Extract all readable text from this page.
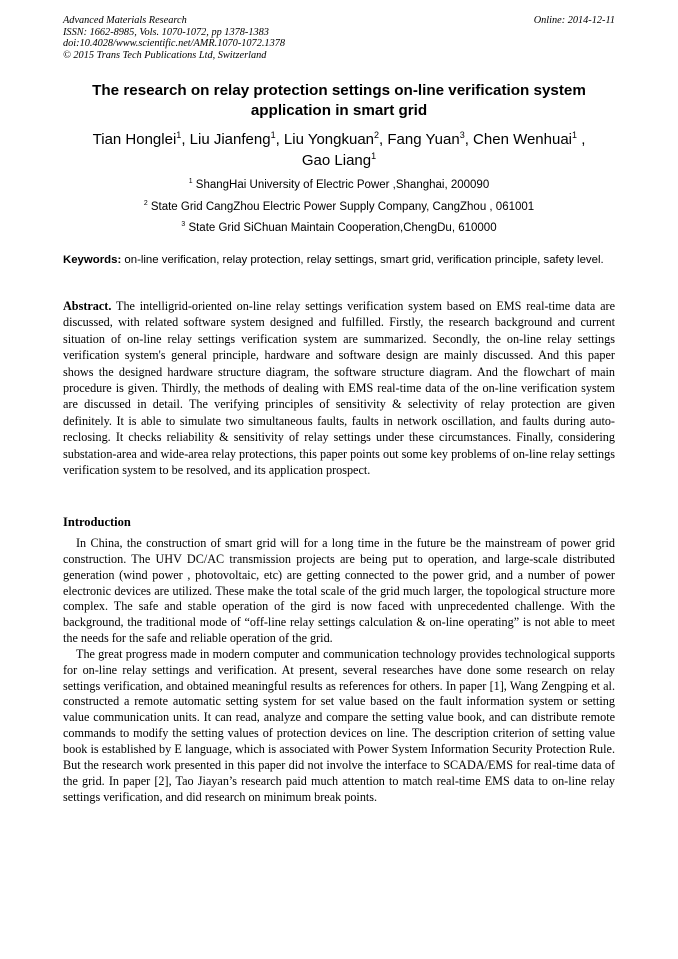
Advanced Materials Research
ISSN: 1662-8985, Vols. 1070-1072, pp 1378-1383
doi:10.4028/www.scientific.net/AMR.1070-1072.1378
© 2015 Trans Tech Publications Ltd, Switzerland
Online: 2014-12-11
The research on relay protection settings on-line verification system application in smart grid
Tian Honglei$^1$, Liu Jianfeng$^1$, Liu Yongkuan$^2$, Fang Yuan$^3$, Chen Wenhuai$^1$ ,
Gao Liang$^1$
$^1$ ShangHai University of Electric Power ,Shanghai, 200090
$^2$ State Grid CangZhou Electric Power Supply Company, CangZhou , 061001
$^3$ State Grid SiChuan Maintain Cooperation,ChengDu, 610000
Keywords: on-line verification, relay protection, relay settings, smart grid, verification principle, safety level.
Abstract. The intelligrid-oriented on-line relay settings verification system based on EMS real-time data are discussed, with related software system designed and fulfilled. Firstly, the research background and current situation of on-line relay settings verification system are summarized. Secondly, the on-line relay settings verification system's general principle, hardware and software design are mainly discussed. And this paper shows the designed hardware structure diagram, the software structure diagram. And the flowchart of main procedure is given. Thirdly, the methods of dealing with EMS real-time data of the on-line verification system are discussed in detail. The verifying principles of sensitivity & selectivity of relay protection are given definitely. It is able to simulate two simultaneous faults, faults in network oscillation, and faults during auto-reclosing. It checks reliability & sensitivity of relay settings under these circumstances. Finally, considering substation-area and wide-area relay protections, this paper points out some key problems of on-line relay settings verification system to be resolved, and its application prospect.
Introduction

In China, the construction of smart grid will for a long time in the future be the mainstream of power grid construction. The UHV DC/AC transmission projects are being put to operation, and large-scale distributed generation (wind power , photovoltaic, etc) are getting connected to the power grid, and a number of power electronic devices are utilized. These make the total scale of the grid much larger, the topological structure more complex. The safe and stable operation of the gird is now faced with unprecedented challenge. With the background, the traditional mode of “off-line relay settings calculation & on-line operating” is not able to meet the needs for the safe and reliable operation of the grid.

The great progress made in modern computer and communication technology provides technological supports for on-line relay settings and verification. At present, several researches have done some research on relay settings verification, and obtained meaningful results as references for others. In paper [1], Wang Zengping et al. constructed a remote automatic setting system for set value based on the fault information system or setting value communication units. It can read, analyze and compare the setting value book, and can distribute remote commands to modify the setting values of protection devices on line. The description criterion of setting value book is established by E language, which is associated with Power System Information Security Protection Rule. But the research work presented in this paper did not involve the interface to SCADA/EMS for real-time data of the grid. In paper [2], Tao Jiayan’s research paid much attention to match real-time EMS data to on-line relay settings verification, and did research on minimum break points.
